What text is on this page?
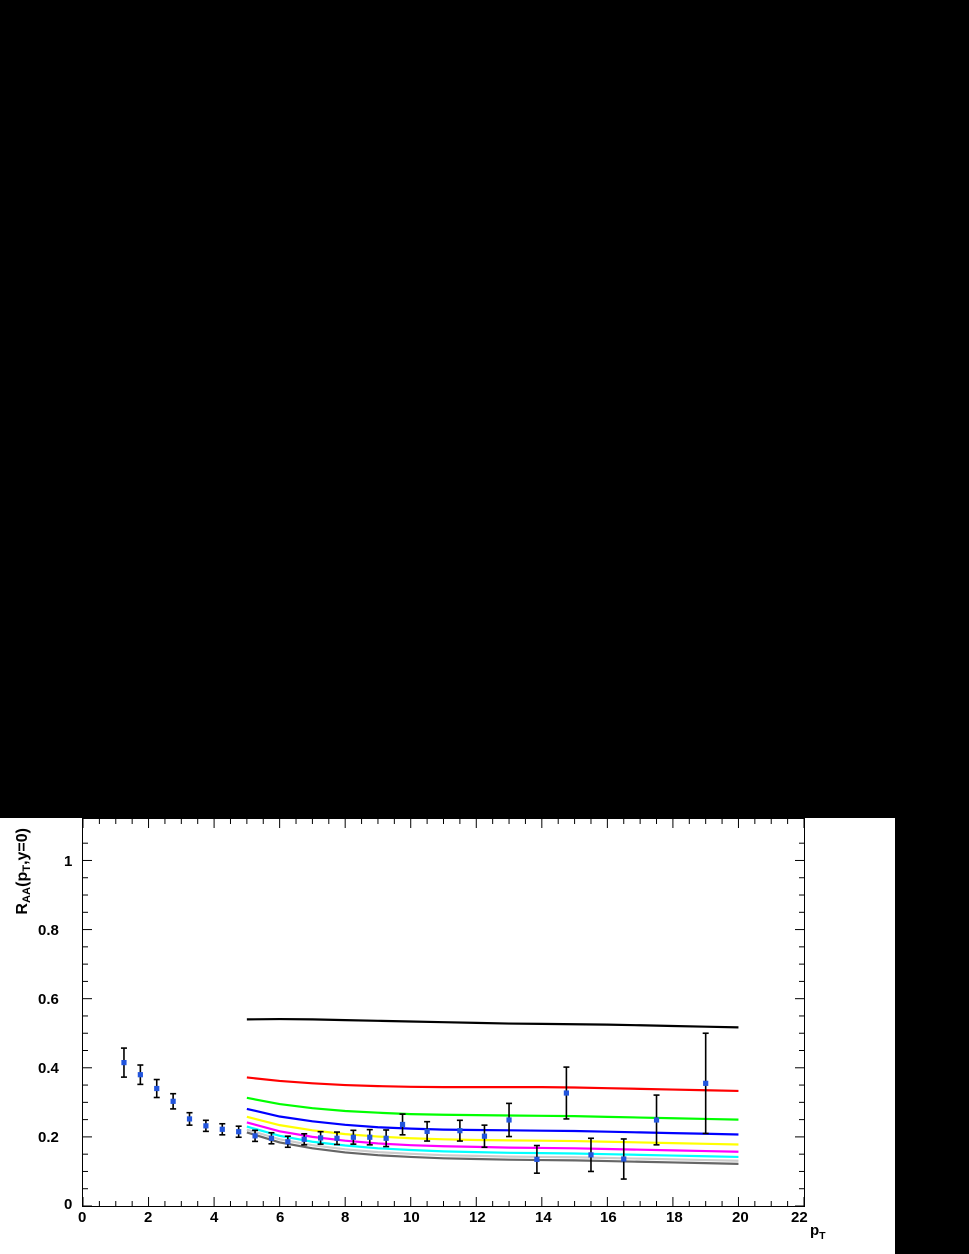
$R_{AA}(p_T,y=0)$
$p_T$
0	2	4	6	8	10	12	14	16	18	20	22
0
0.2
0.4
0.6
0.8
1
^
^
^
^
^
^
^
^
^
